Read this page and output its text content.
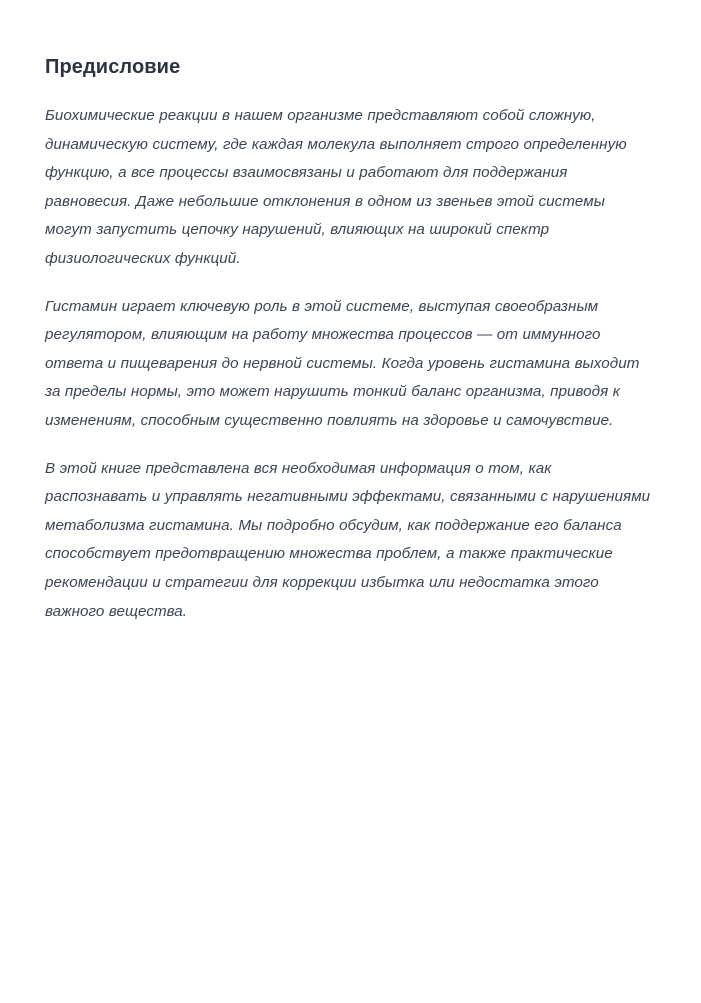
Предисловие

Биохимические реакции в нашем организме представляют собой сложную, динамическую систему, где каждая молекула выполняет строго определенную функцию, а все процессы взаимосвязаны и работают для поддержания равновесия. Даже небольшие отклонения в одном из звеньев этой системы могут запустить цепочку нарушений, влияющих на широкий спектр физиологических функций.

Гистамин играет ключевую роль в этой системе, выступая своеобразным регулятором, влияющим на работу множества процессов — от иммунного ответа и пищеварения до нервной системы. Когда уровень гистамина выходит за пределы нормы, это может нарушить тонкий баланс организма, приводя к изменениям, способным существенно повлиять на здоровье и самочувствие.

В этой книге представлена вся необходимая информация о том, как распознавать и управлять негативными эффектами, связанными с нарушениями метаболизма гистамина. Мы подробно обсудим, как поддержание его баланса способствует предотвращению множества проблем, а также практические рекомендации и стратегии для коррекции избытка или недостатка этого важного вещества.
